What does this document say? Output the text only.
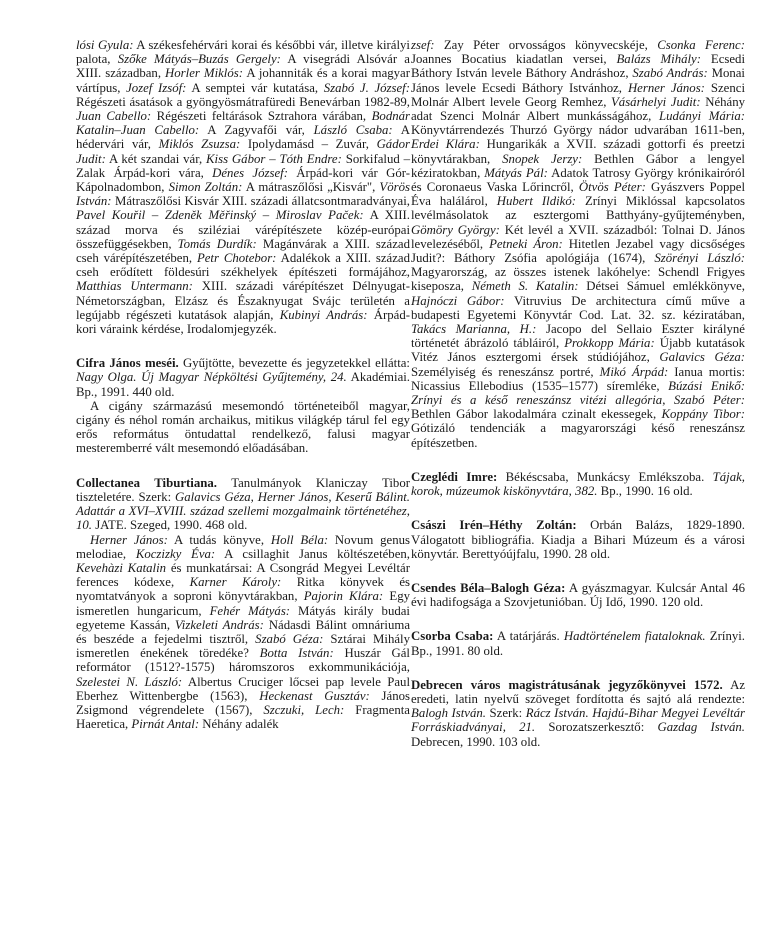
lósi Gyula: A székesfehérvári korai és későbbi vár, illetve királyi palota, Szőke Mátyás–Buzás Gergely: A visegrádi Alsóvár a XIII. században, Horler Miklós: A johanniták és a korai magyar vártípus, Jozef Izsóf: A semptei vár kutatása, Szabó J. József: Régészeti ásatások a gyöngyösmátrafüredi Benevárban 1982-89, Juan Cabello: Régészeti feltárások Sztrahora várában, Bodnár Katalin–Juan Cabello: A Zagyvafői vár, László Csaba: A hédervári vár, Miklós Zsuzsa: Ipolydamásd – Zuvár, Gádor Judit: A két szandai vár, Kiss Gábor – Tóth Endre: Sorkifalud – Zalak Árpád-kori vára, Dénes József: Árpád-kori vár Gór-Kápolnadombon, Simon Zoltán: A mátraszőlősi „Kisvár", Vörös István: Mátraszőlősi Kisvár XIII. századi állatcsontmaradványai, Pavel Kouřil – Zdeněk Měřinský – Miroslav Paček: A XIII. század morva és sziléziai várépítészete közép-európai összefüggésekben, Tomás Durdík: Magánvárak a XIII. század cseh várépítészetében, Petr Chotebor: Adalékok a XIII. század cseh erődített földesúri székhelyek építészeti formájához, Matthias Untermann: XIII. századi várépítészet Délnyugat-Németországban, Elzász és Északnyugat Svájc területén a legújabb régészeti kutatások alapján, Kubinyi András: Árpád-kori váraink kérdése, Irodalomjegyzék.

Cifra János meséi. Gyűjtötte, bevezette és jegyzetekkel ellátta: Nagy Olga. Új Magyar Népköltési Gyűjtemény, 24. Akadémiai. Bp., 1991. 440 old.

A cigány származású mesemondó történeteiből magyar, cigány és néhol román archaikus, mitikus világkép tárul fel egy erős református öntudattal rendelkező, falusi magyar mesteremberré vált mesemondó előadásában.

Collectanea Tiburtiana. Tanulmányok Klaniczay Tibor tiszteletére. Szerk: Galavics Géza, Herner János, Keserű Bálint. Adattár a XVI–XVIII. század szellemi mozgalmaink történetéhez, 10. JATE. Szeged, 1990. 468 old.

Herner János: A tudás könyve, Holl Béla: Novum genus melodiae, Koczizky Éva: A csillaghit Janus költészetében, Kevehàzi Katalin és munkatársai: A Csongrád Megyei Levéltár ferences kódexe, Karner Károly: Ritka könyvek és nyomtatványok a soproni könyvtárakban, Pajorin Klára: Egy ismeretlen hungaricum, Fehér Mátyás: Mátyás király budai egyeteme Kassán, Vizkeleti András: Nádasdi Bálint omnáriuma és beszéde a fejedelmi tisztről, Szabó Géza: Sztárai Mihály ismeretlen énekének töredéke? Botta István: Huszár Gál reformátor (1512?-1575) háromszoros exkommunikációja, Szelestei N. László: Albertus Cruciger lőcsei pap levele Paul Eberhez Wittenbergbe (1563), Heckenast Gusztáv: János Zsigmond végrendelete (1567), Szczuki, Lech: Fragmenta Haeretica, Pirnát Antal: Néhány adalék

zsef: Zay Péter orvosságos könyvecskéje, Csonka Ferenc: Joannes Bocatius kiadatlan versei, Balázs Mihály: Ecsedi Báthory István levele Báthory Andráshoz, Szabó András: Monai János levele Ecsedi Báthory Istvánhoz, Herner János: Szenci Molnár Albert levele Georg Remhez, Vásárhelyi Judit: Néhány adat Szenci Molnár Albert munkásságához, Ludányi Mária: Könyvtárrendezés Thurzó György nádor udvarában 1611-ben, Erdei Klára: Hungarikák a XVII. századi gottorfi és preetzi könyvtárakban, Snopek Jerzy: Bethlen Gábor a lengyel kéziratokban, Mátyás Pál: Adatok Tatrosy György krónikairóról és Coronaeus Vaska Lőrincről, Ötvös Péter: Gyászvers Poppel Éva halálárol, Hubert Ildikó: Zrínyi Miklóssal kapcsolatos levélmásolatok az esztergomi Batthyány-gyűjteményben, Gömöry György: Két levél a XVII. századból: Tolnai D. János levelezéséből, Petneki Áron: Hitetlen Jezabel vagy dicsőséges Judit?: Báthory Zsófia apológiája (1674), Szörényi László: Magyarország, az összes istenek lakóhelye: Schendl Frigyes kiseposza, Németh S. Katalin: Détsei Sámuel emlékkönyve, Hajnóczi Gábor: Vitruvius De architectura című műve a budapesti Egyetemi Könyvtár Cod. Lat. 32. sz. kéziratában, Takács Marianna, H.: Jacopo del Sellaio Eszter királyné történetét ábrázoló tábláiról, Prokkopp Mária: Újabb kutatások Vitéz János esztergomi érsek stúdiójához, Galavics Géza: Személyiség és reneszánsz portré, Mikó Árpád: Ianua mortis: Nicassius Ellebodius (1535–1577) síremléke, Búzási Enikő: Zrínyi és a késő reneszánsz vitézi allegória, Szabó Péter: Bethlen Gábor lakodalmára czinalt ekessegek, Koppány Tibor: Gótizáló tendenciák a magyarországi késő reneszánsz építészetben.

Czeglédi Imre: Békéscsaba, Munkácsy Emlékszoba. Tájak, korok, múzeumok kiskönyvtára, 382. Bp., 1990. 16 old.

Császi Irén–Héthy Zoltán: Orbán Balázs, 1829-1890. Válogatott bibliográfia. Kiadja a Bihari Múzeum és a városi könyvtár. Berettyóújfalu, 1990. 28 old.

Csendes Béla–Balogh Géza: A gyászmagyar. Kulcsár Antal 46 évi hadifogsága a Szovjetunióban. Új Idő, 1990. 120 old.

Csorba Csaba: A tatárjárás. Hadtörténelem fiataloknak. Zrínyi. Bp., 1991. 80 old.

Debrecen város magistrátusának jegyzőkönyvei 1572. Az eredeti, latin nyelvű szöveget fordította és sajtó alá rendezte: Balogh István. Szerk: Rácz István. Hajdú-Bihar Megyei Levéltár Forráskiadványai, 21. Sorozatszerkesztő: Gazdag István. Debrecen, 1990. 103 old.
